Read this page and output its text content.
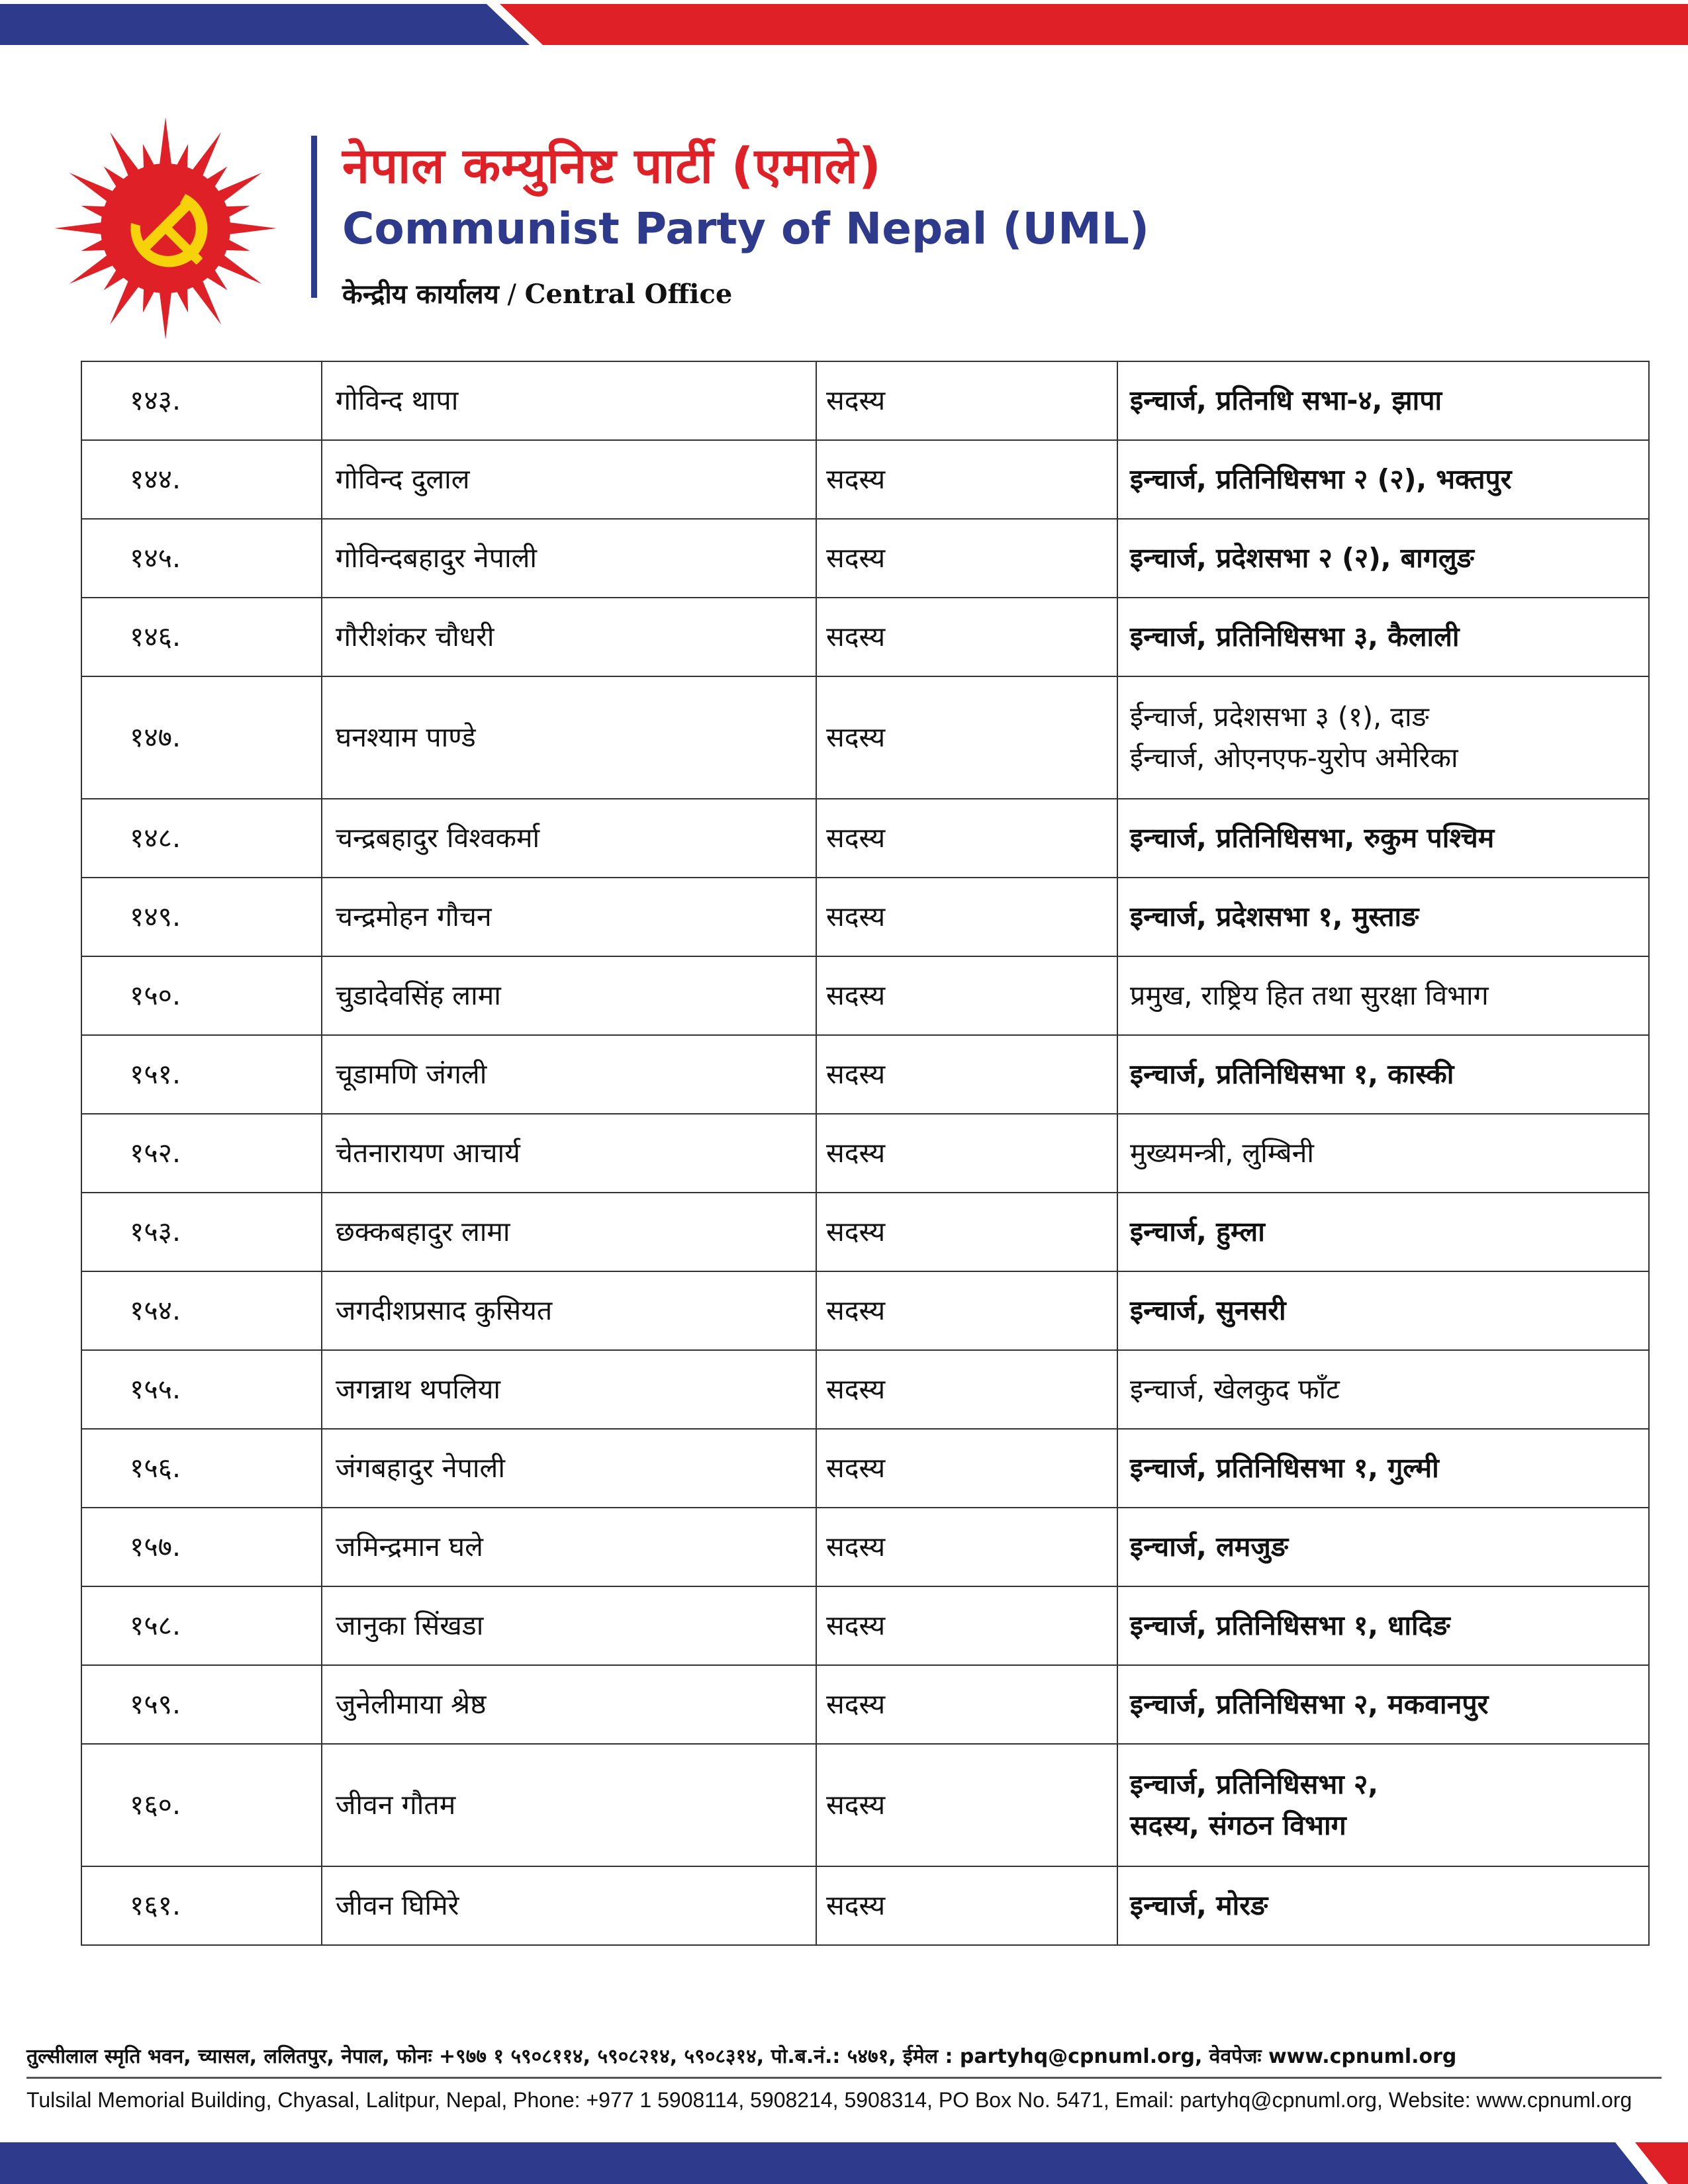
नेपाल कम्युनिष्ट पार्टी (एमाले)
Communist Party of Nepal (UML)
केन्द्रीय कार्यालय / Central Office
१४३.	गोविन्द थापा	सदस्य	इन्चार्ज, प्रतिनधि सभा-४, झापा

१४४.	गोविन्द दुलाल	सदस्य	इन्चार्ज, प्रतिनिधिसभा २ (२), भक्तपुर

१४५.	गोविन्दबहादुर नेपाली	सदस्य	इन्चार्ज, प्रदेशसभा २ (२), बागलुङ

१४६.	गौरीशंकर चौधरी	सदस्य	इन्चार्ज, प्रतिनिधिसभा ३, कैलाली

१४७.	घनश्याम पाण्डे	सदस्य	ईन्चार्ज, प्रदेशसभा ३ (१), दाङ
ईन्चार्ज, ओएनएफ-युरोप अमेरिका

१४८.	चन्द्रबहादुर विश्वकर्मा	सदस्य	इन्चार्ज, प्रतिनिधिसभा, रुकुम पश्चिम

१४९.	चन्द्रमोहन गौचन	सदस्य	इन्चार्ज, प्रदेशसभा १, मुस्ताङ

१५०.	चुडादेवसिंह लामा	सदस्य	प्रमुख, राष्ट्रिय हित तथा सुरक्षा विभाग

१५१.	चूडामणि जंगली	सदस्य	इन्चार्ज, प्रतिनिधिसभा १, कास्की

१५२.	चेतनारायण आचार्य	सदस्य	मुख्यमन्त्री, लुम्बिनी

१५३.	छक्कबहादुर लामा	सदस्य	इन्चार्ज, हुम्ला

१५४.	जगदीशप्रसाद कुसियत	सदस्य	इन्चार्ज, सुनसरी

१५५.	जगन्नाथ थपलिया	सदस्य	इन्चार्ज, खेलकुद फाँट

१५६.	जंगबहादुर नेपाली	सदस्य	इन्चार्ज, प्रतिनिधिसभा १, गुल्मी

१५७.	जमिन्द्रमान घले	सदस्य	इन्चार्ज, लमजुङ

१५८.	जानुका सिंखडा	सदस्य	इन्चार्ज, प्रतिनिधिसभा १, धादिङ

१५९.	जुनेलीमाया श्रेष्ठ	सदस्य	इन्चार्ज, प्रतिनिधिसभा २, मकवानपुर

१६०.	जीवन गौतम	सदस्य	इन्चार्ज, प्रतिनिधिसभा २,
सदस्य, संगठन विभाग

१६१.	जीवन घिमिरे	सदस्य	इन्चार्ज, मोरङ
तुल्सीलाल स्मृति भवन, च्यासल, ललितपुर, नेपाल, फोनः +९७७ १ ५९०८११४, ५९०८२१४, ५९०८३१४, पो.ब.नं.: ५४७१, ईमेल : partyhq@cpnuml.org, वेवपेजः www.cpnuml.org
Tulsilal Memorial Building, Chyasal, Lalitpur, Nepal, Phone: +977 1 5908114, 5908214, 5908314, PO Box No. 5471, Email: partyhq@cpnuml.org, Website: www.cpnuml.org
